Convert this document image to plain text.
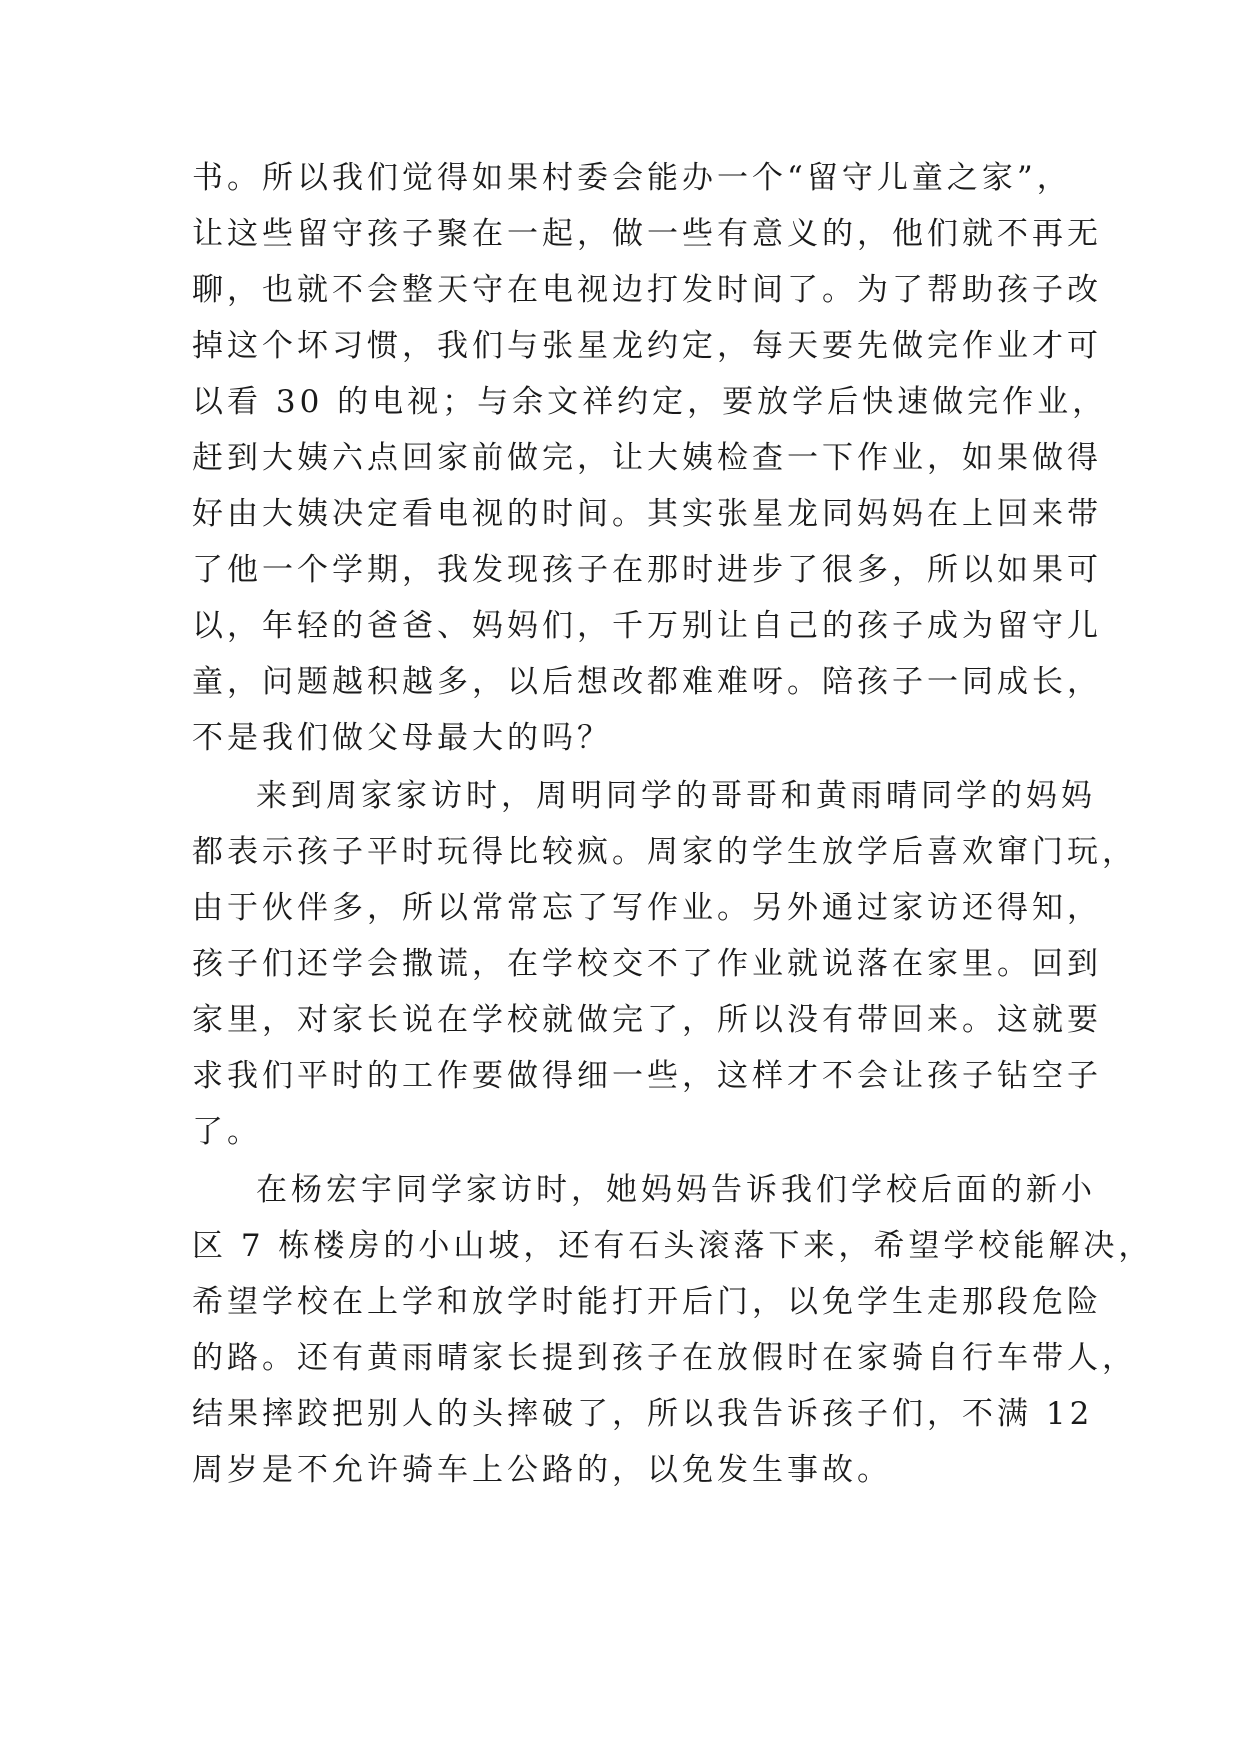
书。所以我们觉得如果村委会能办一个“留守儿童之家”，
让这些留守孩子聚在一起，做一些有意义的，他们就不再无
聊，也就不会整天守在电视边打发时间了。为了帮助孩子改
掉这个坏习惯，我们与张星龙约定，每天要先做完作业才可
以看 30 的电视；与余文祥约定，要放学后快速做完作业，
赶到大姨六点回家前做完，让大姨检查一下作业，如果做得
好由大姨决定看电视的时间。其实张星龙同妈妈在上回来带
了他一个学期，我发现孩子在那时进步了很多，所以如果可
以，年轻的爸爸、妈妈们，千万别让自己的孩子成为留守儿
童，问题越积越多，以后想改都难难呀。陪孩子一同成长，
不是我们做父母最大的吗？
来到周家家访时，周明同学的哥哥和黄雨晴同学的妈妈
都表示孩子平时玩得比较疯。周家的学生放学后喜欢窜门玩，
由于伙伴多，所以常常忘了写作业。另外通过家访还得知，
孩子们还学会撒谎，在学校交不了作业就说落在家里。回到
家里，对家长说在学校就做完了，所以没有带回来。这就要
求我们平时的工作要做得细一些，这样才不会让孩子钻空子
了。
在杨宏宇同学家访时，她妈妈告诉我们学校后面的新小
区 7 栋楼房的小山坡，还有石头滚落下来，希望学校能解决，
希望学校在上学和放学时能打开后门，以免学生走那段危险
的路。还有黄雨晴家长提到孩子在放假时在家骑自行车带人，
结果摔跤把别人的头摔破了，所以我告诉孩子们，不满 12
周岁是不允许骑车上公路的，以免发生事故。
